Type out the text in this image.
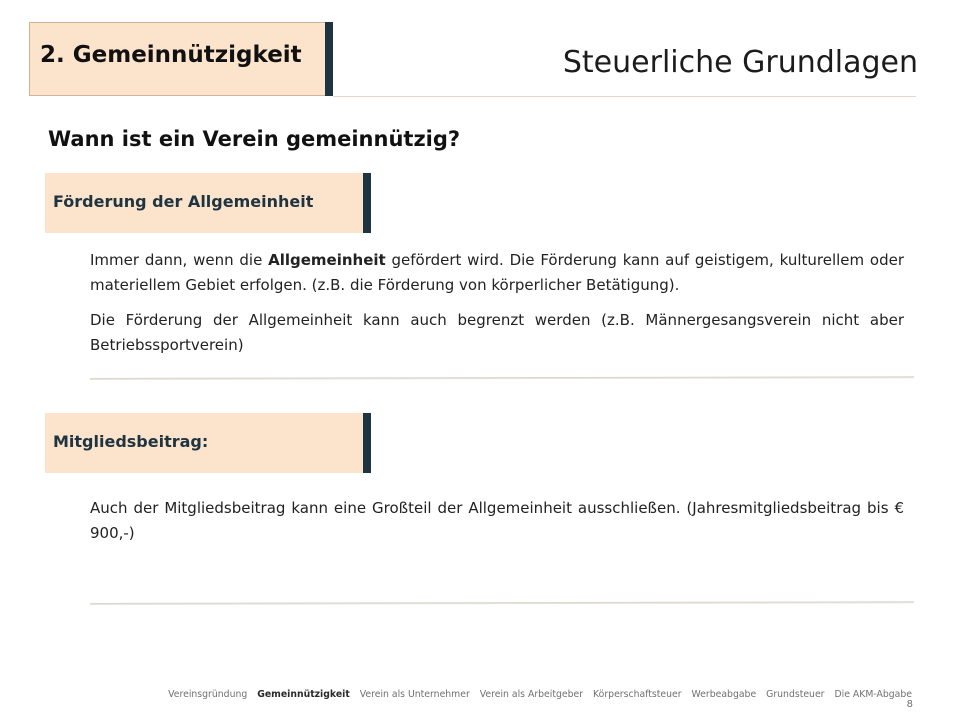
2. Gemeinnützigkeit	Steuerliche Grundlagen
Wann ist ein Verein gemeinnützig?
Förderung der Allgemeinheit

Immer dann, wenn die Allgemeinheit gefördert wird. Die Förderung kann auf geistigem, kulturellem oder materiellem Gebiet erfolgen. (z.B. die Förderung von körperlicher Betätigung).

Die Förderung der Allgemeinheit kann auch begrenzt werden (z.B. Männergesangsverein nicht aber Betriebssportverein)

Mitgliedsbeitrag:

Auch der Mitgliedsbeitrag kann eine Großteil der Allgemeinheit ausschließen. (Jahresmitgliedsbeitrag bis € 900,-)

Vereinsgründung Gemeinnützigkeit Verein als Unternehmer Verein als Arbeitgeber Körperschaftsteuer Werbeabgabe Grundsteuer Die AKM-Abgabe
8
